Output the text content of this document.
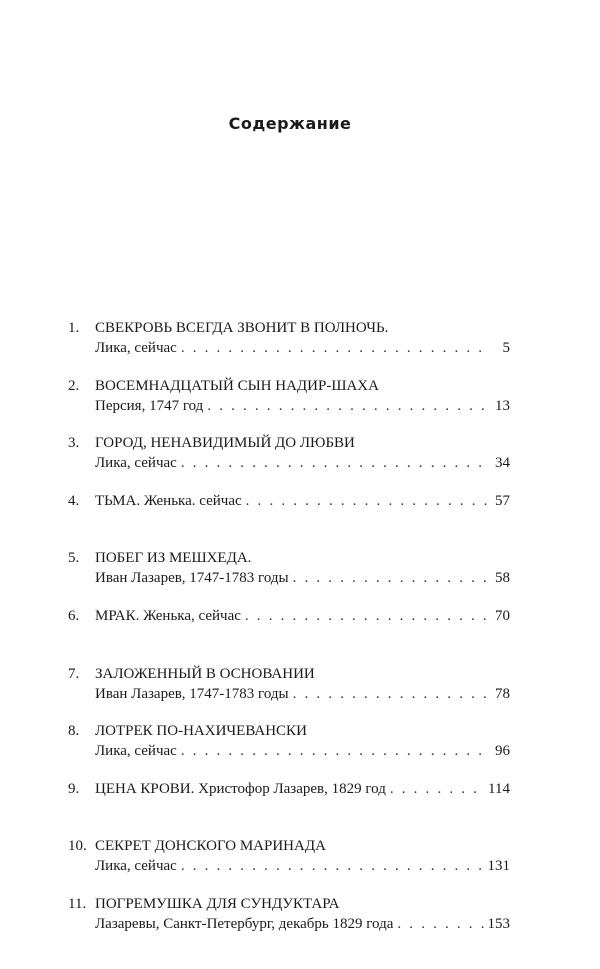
Содержание
1. СВЕКРОВЬ ВСЕГДА ЗВОНИТ В ПОЛНОЧЬ.
Лика, сейчас . . .	5
2. ВОСЕМНАДЦАТЫЙ СЫН НАДИР-ШАХА
Персия, 1747 год . . .	13
3. ГОРОД, НЕНАВИДИМЫЙ ДО ЛЮБВИ
Лика, сейчас . . .	34
4. ТЬМА. Женька. сейчас . . .	57
5. ПОБЕГ ИЗ МЕШХЕДА.
Иван Лазарев, 1747-1783 годы . . .	58
6. МРАК. Женька, сейчас . . .	70
7. ЗАЛОЖЕННЫЙ В ОСНОВАНИИ
Иван Лазарев, 1747-1783 годы . . .	78
8. ЛОТРЕК ПО-НАХИЧЕВАНСКИ
Лика, сейчас . . .	96
9. ЦЕНА КРОВИ. Христофор Лазарев, 1829 год . . .	114
10. СЕКРЕТ ДОНСКОГО МАРИНАДА
Лика, сейчас . . .	131
11. ПОГРЕМУШКА ДЛЯ СУНДУКТАРА
Лазаревы, Санкт-Петербург, декабрь 1829 года . . .	153
